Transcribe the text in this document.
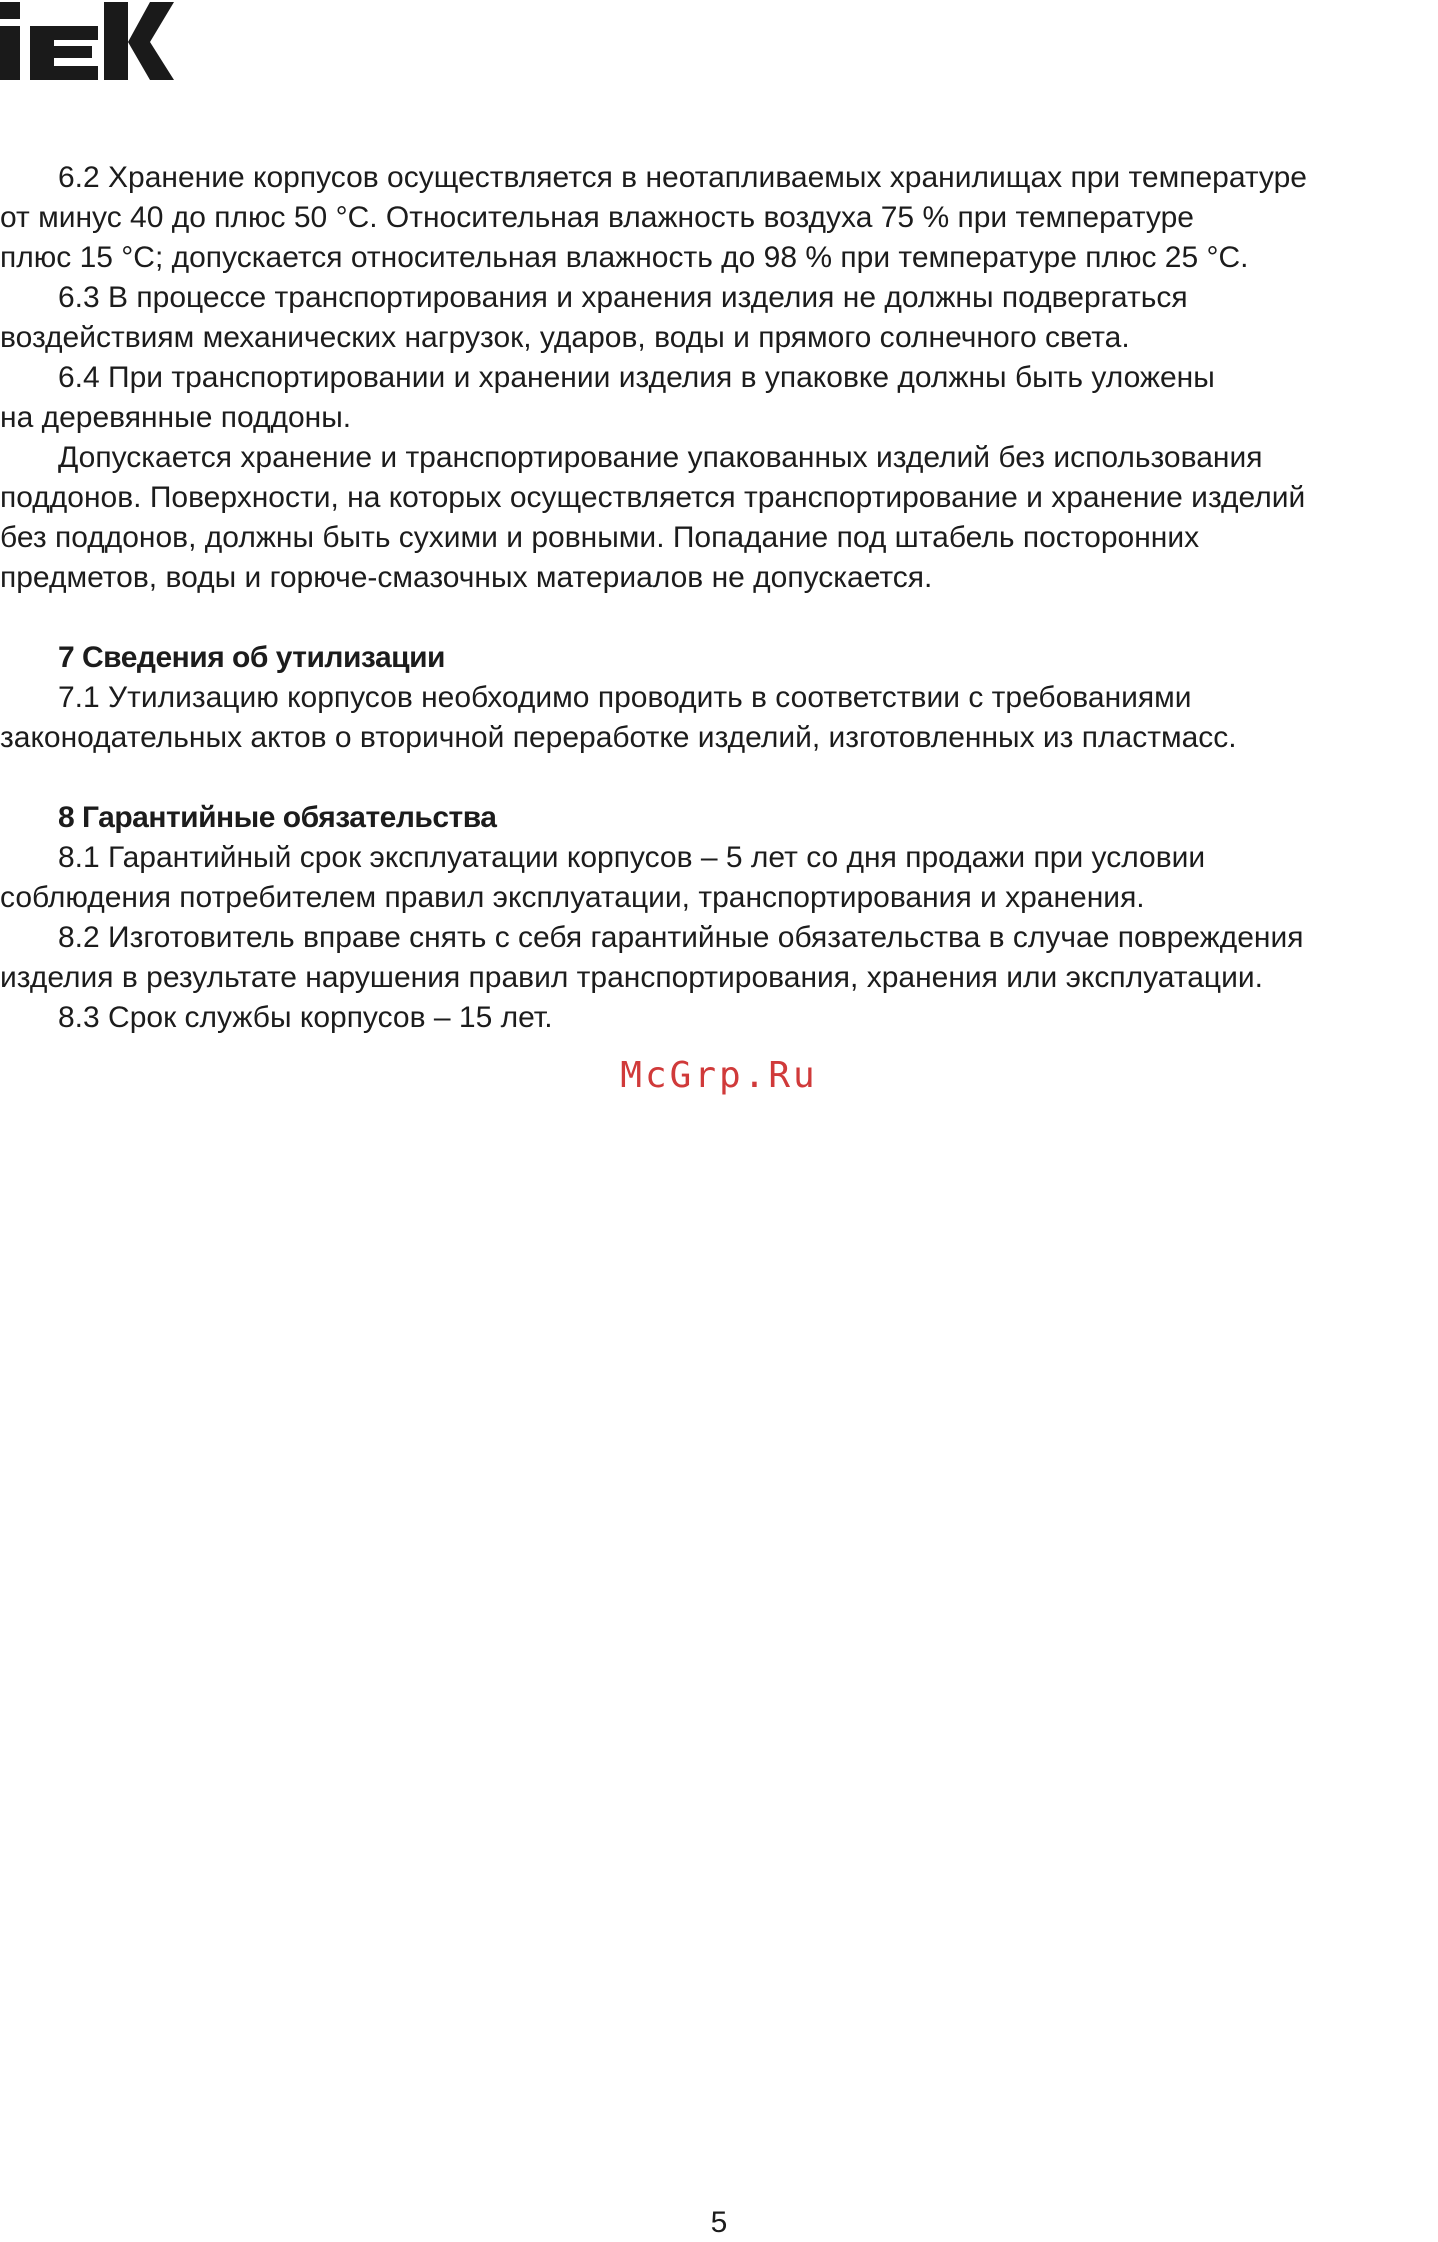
6.2 Хранение корпусов осуществляется в неотапливаемых хранилищах при температуре
от минус 40 до плюс 50 °С. Относительная влажность воздуха 75 % при температуре
плюс 15 °С; допускается относительная влажность до 98 % при температуре плюс 25 °С.
6.3 В процессе транспортирования и хранения изделия не должны подвергаться
воздействиям механических нагрузок, ударов, воды и прямого солнечного света.
6.4 При транспортировании и хранении изделия в упаковке должны быть уложены
на деревянные поддоны.
Допускается хранение и транспортирование упакованных изделий без использования
поддонов. Поверхности, на которых осуществляется транспортирование и хранение изделий
без поддонов, должны быть сухими и ровными. Попадание под штабель посторонних
предметов, воды и горюче-смазочных материалов не допускается.
7 Сведения об утилизации
7.1 Утилизацию корпусов необходимо проводить в соответствии с требованиями
законодательных актов о вторичной переработке изделий, изготовленных из пластмасс.
8 Гарантийные обязательства
8.1 Гарантийный срок эксплуатации корпусов – 5 лет со дня продажи при условии
соблюдения потребителем правил эксплуатации, транспортирования и хранения.
8.2 Изготовитель вправе снять с себя гарантийные обязательства в случае повреждения
изделия в результате нарушения правил транспортирования, хранения или эксплуатации.
8.3 Срок службы корпусов – 15 лет.
McGrp.Ru
5
